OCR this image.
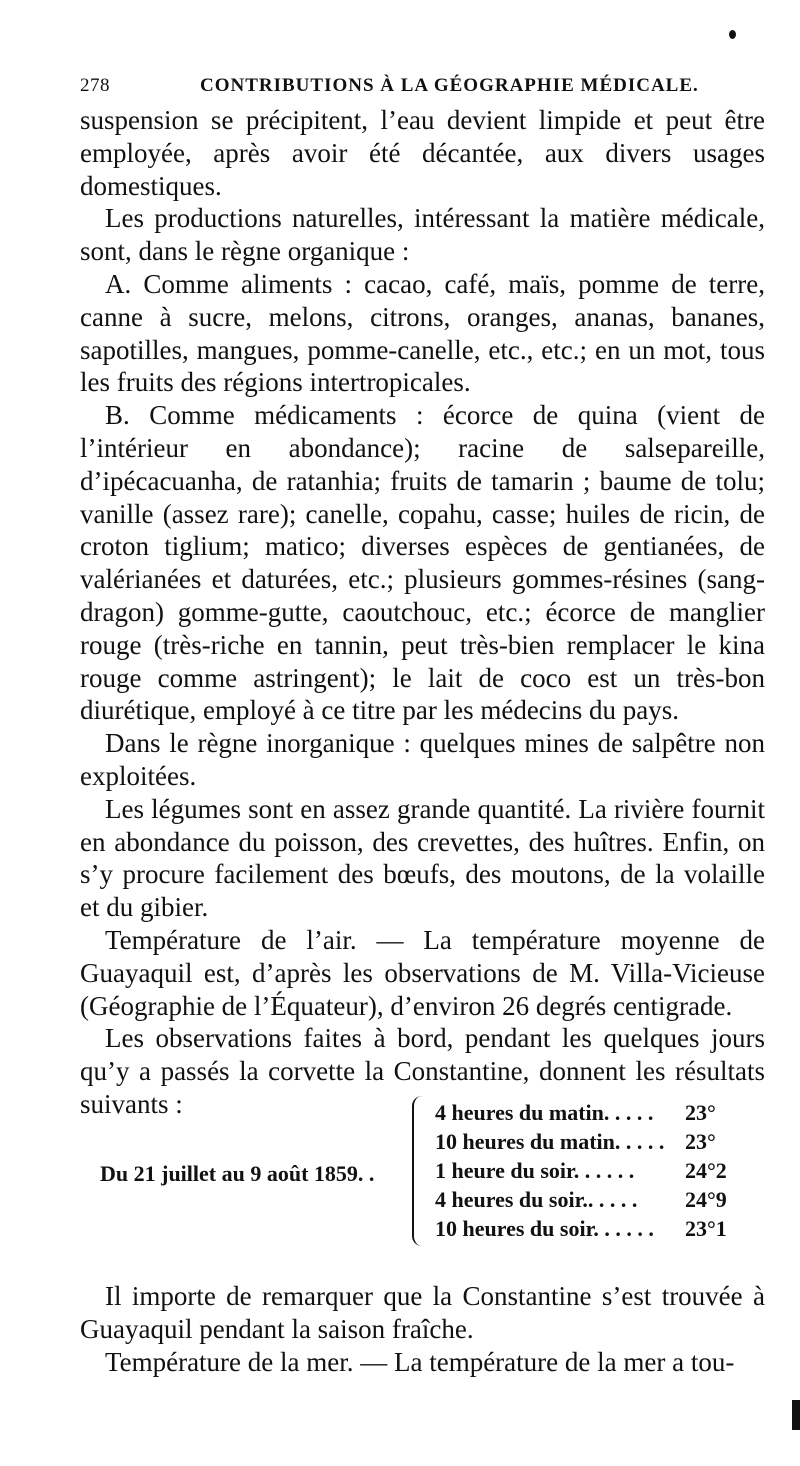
278	CONTRIBUTIONS À LA GÉOGRAPHIE MÉDICALE.

suspension se précipitent, l’eau devient limpide et peut être employée, après avoir été décantée, aux divers usages domestiques.

Les productions naturelles, intéressant la matière médicale, sont, dans le règne organique :

A. Comme aliments : cacao, café, maïs, pomme de terre, canne à sucre, melons, citrons, oranges, ananas, bananes, sapotilles, mangues, pomme-canelle, etc., etc.; en un mot, tous les fruits des régions intertropicales.

B. Comme médicaments : écorce de quina (vient de l’intérieur en abondance); racine de salsepareille, d’ipécacuanha, de ratanhia; fruits de tamarin ; baume de tolu; vanille (assez rare); canelle, copahu, casse; huiles de ricin, de croton tiglium; matico; diverses espèces de gentianées, de valérianées et daturées, etc.; plusieurs gommes-résines (sang-dragon) gomme-gutte, caoutchouc, etc.; écorce de manglier rouge (très-riche en tannin, peut très-bien remplacer le kina rouge comme astringent); le lait de coco est un très-bon diurétique, employé à ce titre par les médecins du pays.

Dans le règne inorganique : quelques mines de salpêtre non exploitées.

Les légumes sont en assez grande quantité. La rivière fournit en abondance du poisson, des crevettes, des huîtres. Enfin, on s’y procure facilement des bœufs, des moutons, de la volaille et du gibier.

Température de l’air. — La température moyenne de Guayaquil est, d’après les observations de M. Villa-Vicieuse (Géographie de l’Équateur), d’environ 26 degrés centigrade.

Les observations faites à bord, pendant les quelques jours qu’y a passés la corvette la Constantine, donnent les résultats suivants :

Du 21 juillet au 9 août 1859. .
4 heures du matin. . . . . 23°
10 heures du matin. . . . . 23°
1 heure du soir. . . . . . 24°2
4 heures du soir.. . . . . 24°9
10 heures du soir. . . . . . 23°1

Il importe de remarquer que la Constantine s’est trouvée à Guayaquil pendant la saison fraîche.

Température de la mer. — La température de la mer a tou-
